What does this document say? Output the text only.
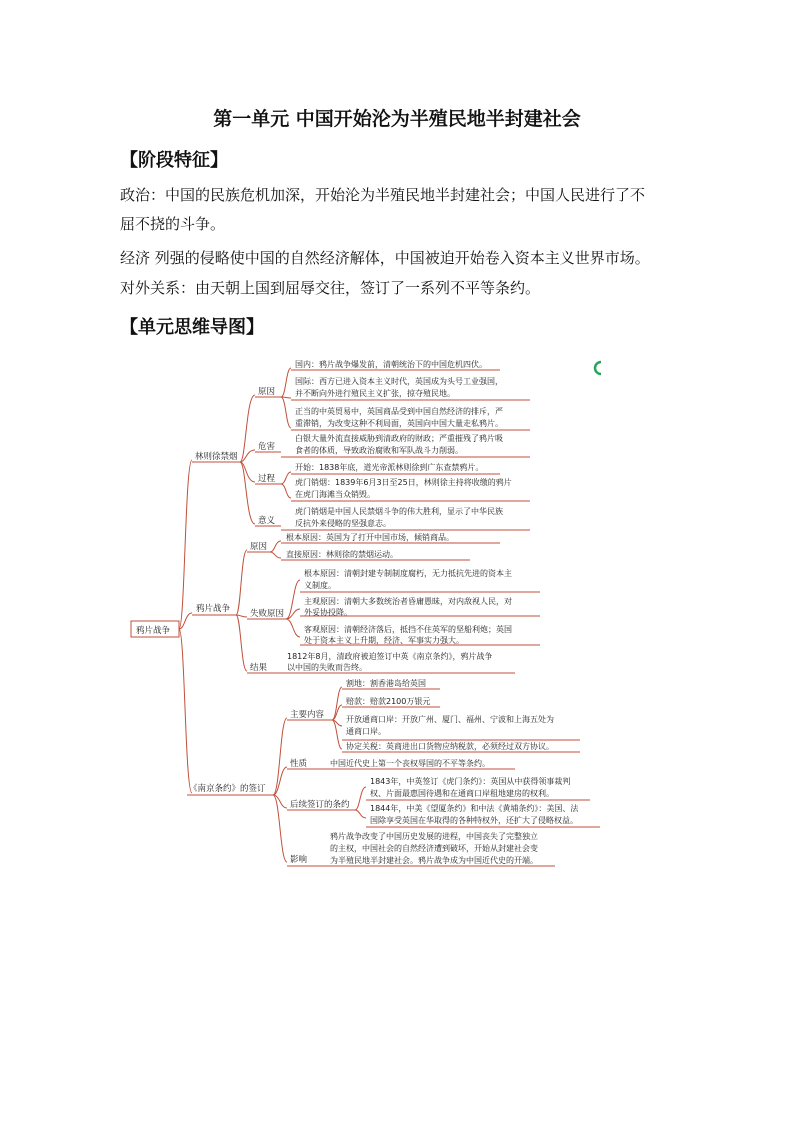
第一单元 中国开始沦为半殖民地半封建社会
【阶段特征】
政治：中国的民族危机加深，开始沦为半殖民地半封建社会；中国人民进行了不
屈不挠的斗争。
经济 列强的侵略使中国的自然经济解体，中国被迫开始卷入资本主义世界市场。
对外关系：由天朝上国到屈辱交往，签订了一系列不平等条约。
【单元思维导图】
鸦片战争
林则徐禁烟
鸦片战争
《南京条约》的签订
原因
危害
过程
意义
国内：鸦片战争爆发前，清朝统治下的中国危机四伏。
国际：西方已进入资本主义时代，英国成为头号工业强国，
并不断向外进行殖民主义扩张，掠夺殖民地。
正当的中英贸易中，英国商品受到中国自然经济的排斥，严
重滞销，为改变这种不利局面，英国向中国大量走私鸦片。
白银大量外流直接威胁到清政府的财政；严重摧残了鸦片吸
食者的体质，导致政治腐败和军队战斗力削弱。
开始：1838年底，道光帝派林则徐到广东查禁鸦片。
虎门销烟：1839年6月3日至25日，林则徐主持将收缴的鸦片
在虎门海滩当众销毁。
虎门销烟是中国人民禁烟斗争的伟大胜利，显示了中华民族
反抗外来侵略的坚强意志。
原因
失败原因
结果
根本原因：英国为了打开中国市场，倾销商品。
直接原因：林则徐的禁烟运动。
根本原因：清朝封建专制制度腐朽，无力抵抗先进的资本主
义制度。
主观原因：清朝大多数统治者昏庸愚昧，对内敌视人民，对
外妥协投降。
客观原因：清朝经济落后，抵挡不住英军的坚船利炮；英国
处于资本主义上升期，经济、军事实力强大。
1812年8月，清政府被迫签订中英《南京条约》，鸦片战争
以中国的失败而告终。
主要内容
性质
后续签订的条约
影响
割地：割香港岛给英国
赔款：赔款2100万银元
开放通商口岸：开放广州、厦门、福州、宁波和上海五处为
通商口岸。
协定关税：英商进出口货物应纳税款，必须经过双方协议。
中国近代史上第一个丧权辱国的不平等条约。
1843年，中英签订《虎门条约》：英国从中获得领事裁判
权、片面最惠国待遇和在通商口岸租地建房的权利。
1844年，中美《望厦条约》和中法《黄埔条约》：美国、法
国除享受英国在华取得的各种特权外，还扩大了侵略权益。
鸦片战争改变了中国历史发展的进程，中国丧失了完整独立
的主权，中国社会的自然经济遭到破坏，开始从封建社会变
为半殖民地半封建社会。鸦片战争成为中国近代史的开端。
